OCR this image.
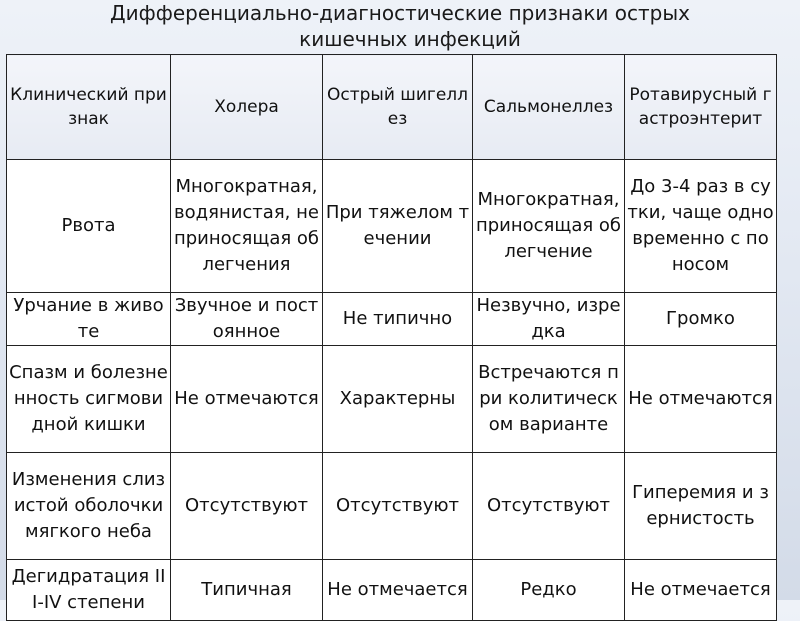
Дифференциально-диагностические признаки острых
кишечных инфекций
Клинический признак	Холера	Острый шигеллез	Сальмонеллез	Ротавирусный гастроэнтерит
Рвота	Многократная, водянистая, не приносящая облегчения	При тяжелом течении	Многократная, приносящая облегчение	До 3-4 раз в сутки, чаще одновременно с поносом
Урчание в животе	Звучное и постоянное	Не типично	Незвучно, изредка	Громко
Спазм и болезненность сигмовидной кишки	Не отмечаются	Характерны	Встречаются при колитическом варианте	Не отмечаются
Изменения слизистой оболочки мягкого неба	Отсутствуют	Отсутствуют	Отсутствуют	Гиперемия и зернистость
Дегидратация III-IV степени	Типичная	Не отмечается	Редко	Не отмечается
